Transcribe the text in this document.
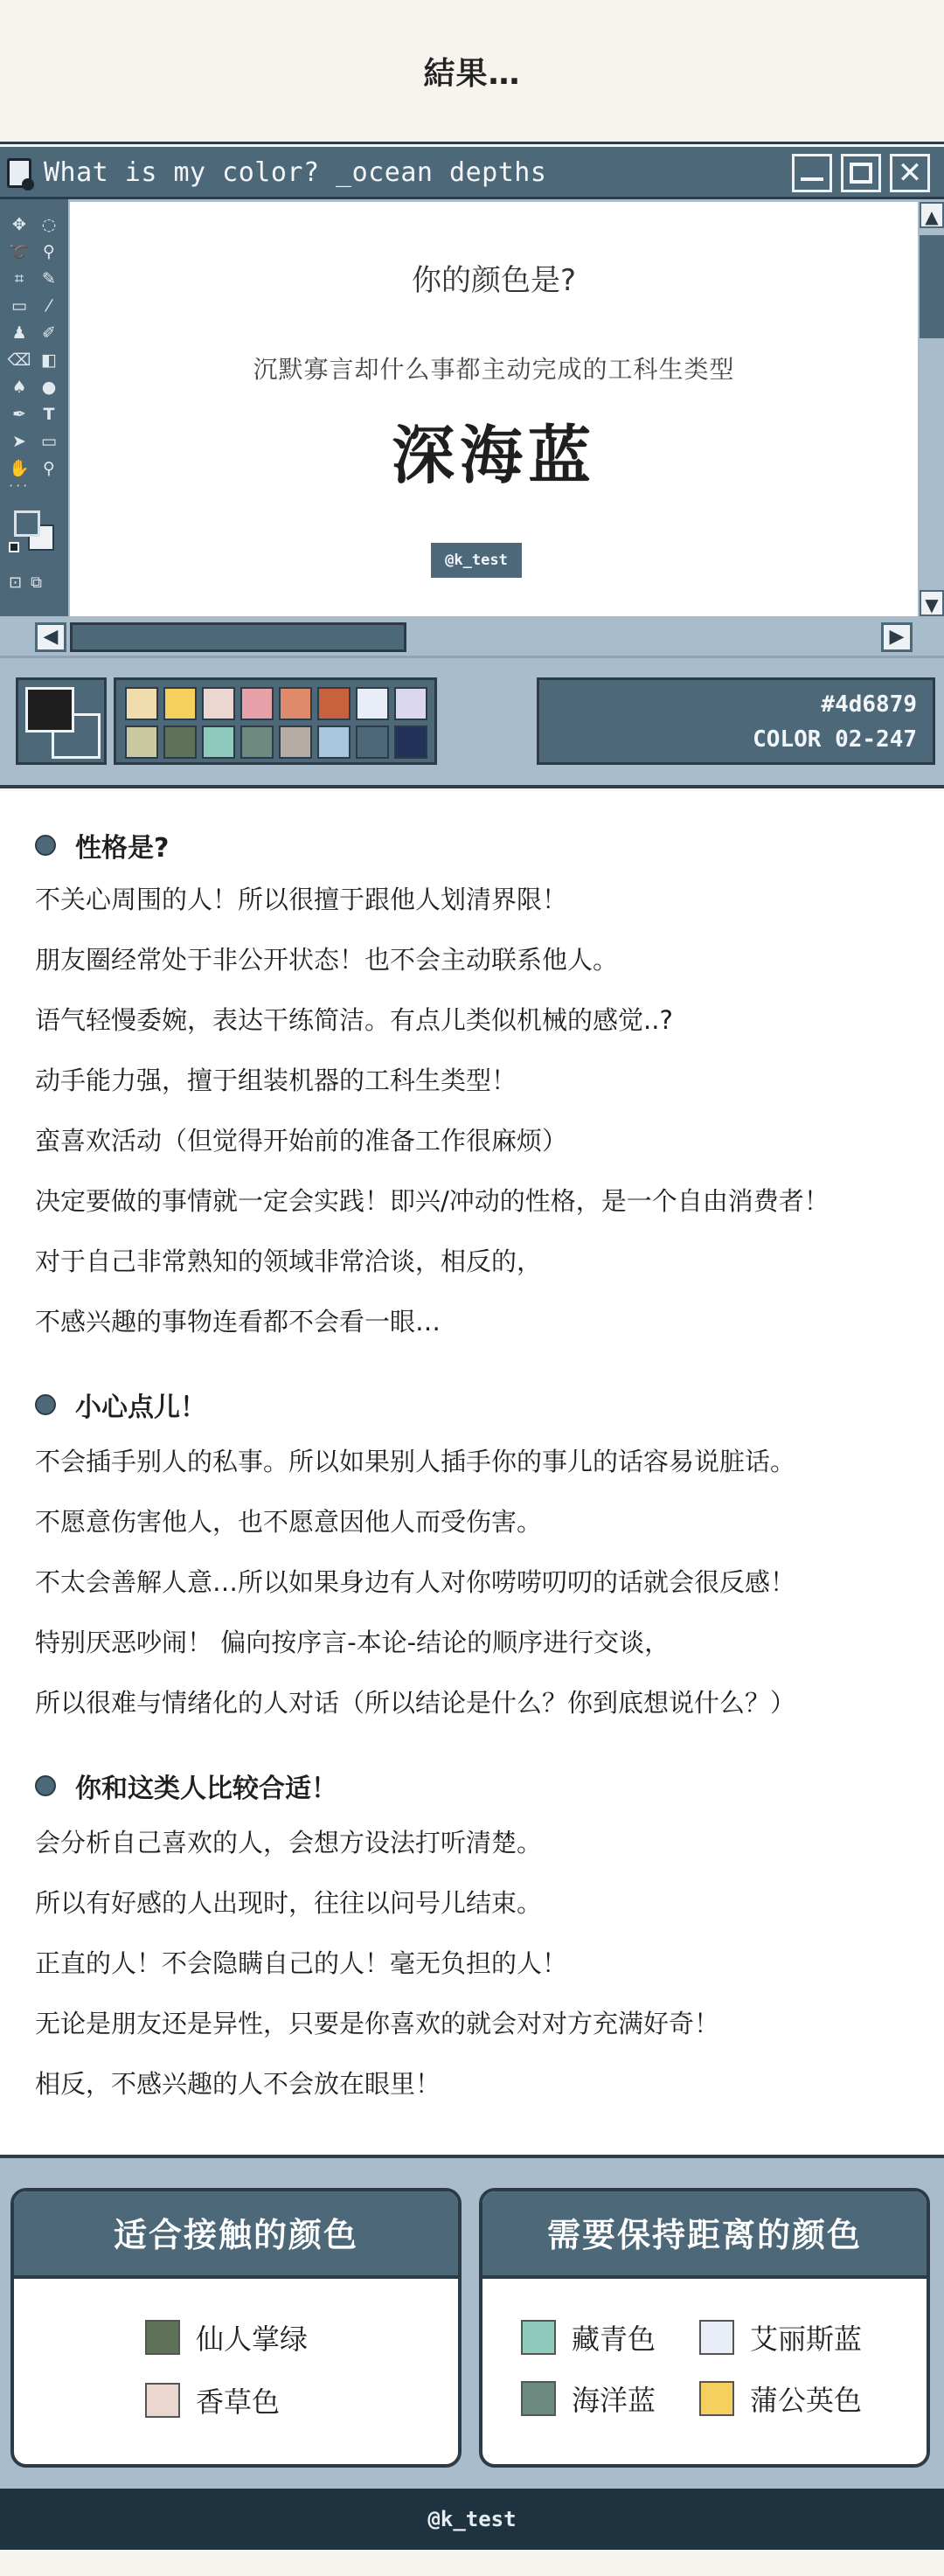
結果…
What is my color? _ocean depths	✕
✥ ◌
➰ ⚲
⌗	✎
▭	⁄
♟ ✐
⌫ ◧
♠ ●
✒	T
➤ ▭
✋ ⚲
···
⊡ ⧉
你的颜色是?
沉默寡言却什么事都主动完成的工科生类型
深海蓝
@k_test
▲
▼
◀	▶
#4d6879
COLOR 02-247
性格是?
不关心周围的人！所以很擅于跟他人划清界限！
朋友圈经常处于非公开状态！也不会主动联系他人。
语气轻慢委婉，表达干练简洁。有点儿类似机械的感觉..?
动手能力强，擅于组装机器的工科生类型！
蛮喜欢活动（但觉得开始前的准备工作很麻烦）
决定要做的事情就一定会实践！即兴/冲动的性格，是一个自由消费者！
对于自己非常熟知的领域非常洽谈，相反的，
不感兴趣的事物连看都不会看一眼…
小心点儿！
不会插手别人的私事。所以如果别人插手你的事儿的话容易说脏话。
不愿意伤害他人，也不愿意因他人而受伤害。
不太会善解人意…所以如果身边有人对你唠唠叨叨的话就会很反感！
特别厌恶吵闹！ 偏向按序言-本论-结论的顺序进行交谈，
所以很难与情绪化的人对话（所以结论是什么？你到底想说什么？）
你和这类人比较合适！
会分析自己喜欢的人，会想方设法打听清楚。
所以有好感的人出现时，往往以问号儿结束。
正直的人！不会隐瞒自己的人！毫无负担的人！
无论是朋友还是异性，只要是你喜欢的就会对对方充满好奇！
相反，不感兴趣的人不会放在眼里！
适合接触的颜色
仙人掌绿
香草色
需要保持距离的颜色
藏青色	艾丽斯蓝
海洋蓝	蒲公英色
@k_test
